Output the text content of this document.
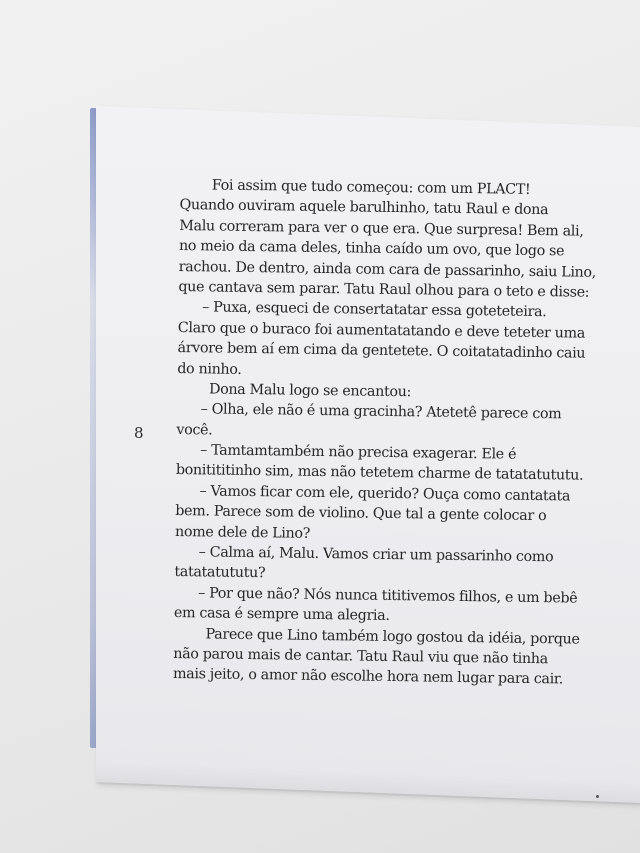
8
Foi assim que tudo começou: com um PLACT!
Quando ouviram aquele barulhinho, tatu Raul e dona
Malu correram para ver o que era. Que surpresa! Bem ali,
no meio da cama deles, tinha caído um ovo, que logo se
rachou. De dentro, ainda com cara de passarinho, saiu Lino,
que cantava sem parar. Tatu Raul olhou para o teto e disse:
– Puxa, esqueci de consertatatar essa goteteteira.
Claro que o buraco foi aumentatatando e deve teteter uma
árvore bem aí em cima da gentetete. O coitatatadinho caiu
do ninho.
Dona Malu logo se encantou:
– Olha, ele não é uma gracinha? Atetetê parece com
você.
– Tamtamtambém não precisa exagerar. Ele é
bonitititinho sim, mas não tetetem charme de tatatatututu.
– Vamos ficar com ele, querido? Ouça como cantatata
bem. Parece som de violino. Que tal a gente colocar o
nome dele de Lino?
– Calma aí, Malu. Vamos criar um passarinho como
tatatatututu?
– Por que não? Nós nunca tititivemos filhos, e um bebê
em casa é sempre uma alegria.
Parece que Lino também logo gostou da idéia, porque
não parou mais de cantar. Tatu Raul viu que não tinha
mais jeito, o amor não escolhe hora nem lugar para cair.
